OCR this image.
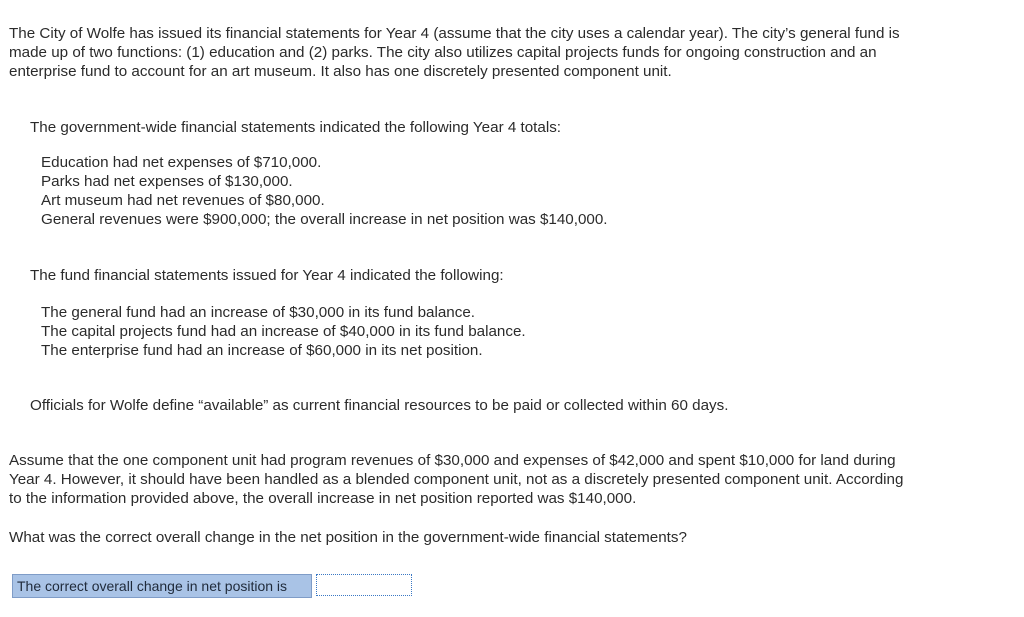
The City of Wolfe has issued its financial statements for Year 4 (assume that the city uses a calendar year). The city’s general fund is
made up of two functions: (1) education and (2) parks. The city also utilizes capital projects funds for ongoing construction and an
enterprise fund to account for an art museum. It also has one discretely presented component unit.

The government-wide financial statements indicated the following Year 4 totals:

Education had net expenses of $710,000.
Parks had net expenses of $130,000.
Art museum had net revenues of $80,000.
General revenues were $900,000; the overall increase in net position was $140,000.

The fund financial statements issued for Year 4 indicated the following:

The general fund had an increase of $30,000 in its fund balance.
The capital projects fund had an increase of $40,000 in its fund balance.
The enterprise fund had an increase of $60,000 in its net position.

Officials for Wolfe define “available” as current financial resources to be paid or collected within 60 days.

Assume that the one component unit had program revenues of $30,000 and expenses of $42,000 and spent $10,000 for land during
Year 4. However, it should have been handled as a blended component unit, not as a discretely presented component unit. According
to the information provided above, the overall increase in net position reported was $140,000.

What was the correct overall change in the net position in the government-wide financial statements?

The correct overall change in net position is
